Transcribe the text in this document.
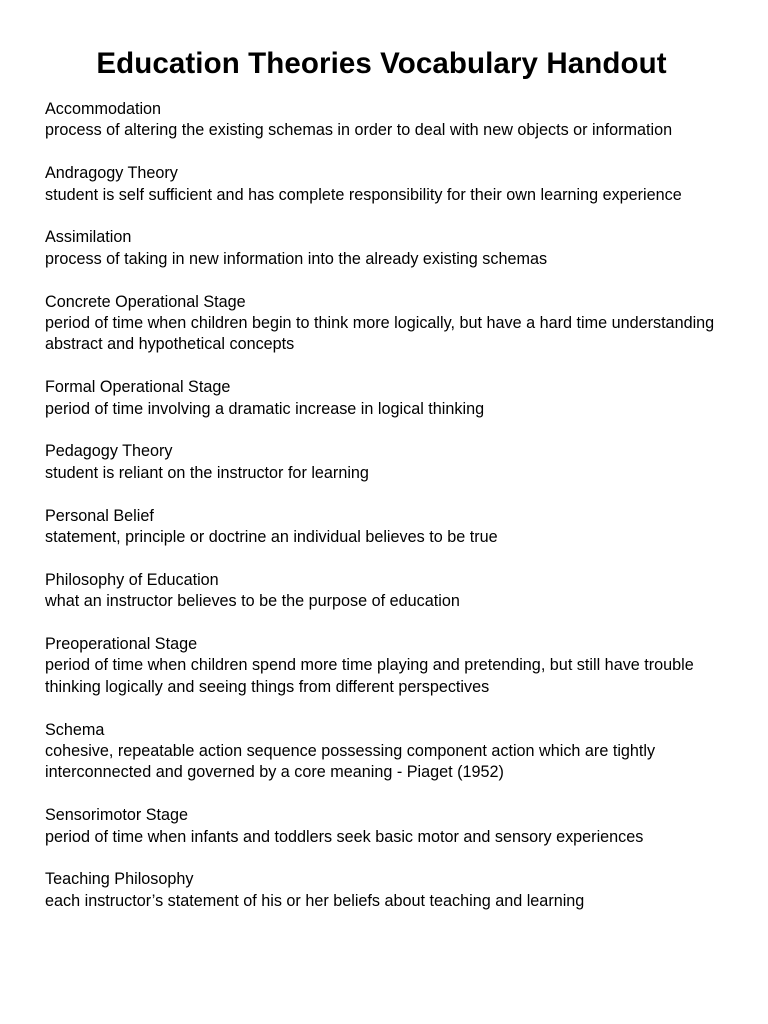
Education Theories Vocabulary Handout
Accommodation
process of altering the existing schemas in order to deal with new objects or information
Andragogy Theory
student is self sufficient and has complete responsibility for their own learning experience
Assimilation
process of taking in new information into the already existing schemas
Concrete Operational Stage
period of time when children begin to think more logically, but have a hard time understanding abstract and hypothetical concepts
Formal Operational Stage
period of time involving a dramatic increase in logical thinking
Pedagogy Theory
student is reliant on the instructor for learning
Personal Belief
statement, principle or doctrine an individual believes to be true
Philosophy of Education
what an instructor believes to be the purpose of education
Preoperational Stage
period of time when children spend more time playing and pretending, but still have trouble thinking logically and seeing things from different perspectives
Schema
cohesive, repeatable action sequence possessing component action which are tightly interconnected and governed by a core meaning - Piaget (1952)
Sensorimotor Stage
period of time when infants and toddlers seek basic motor and sensory experiences
Teaching Philosophy
each instructor’s statement of his or her beliefs about teaching and learning
